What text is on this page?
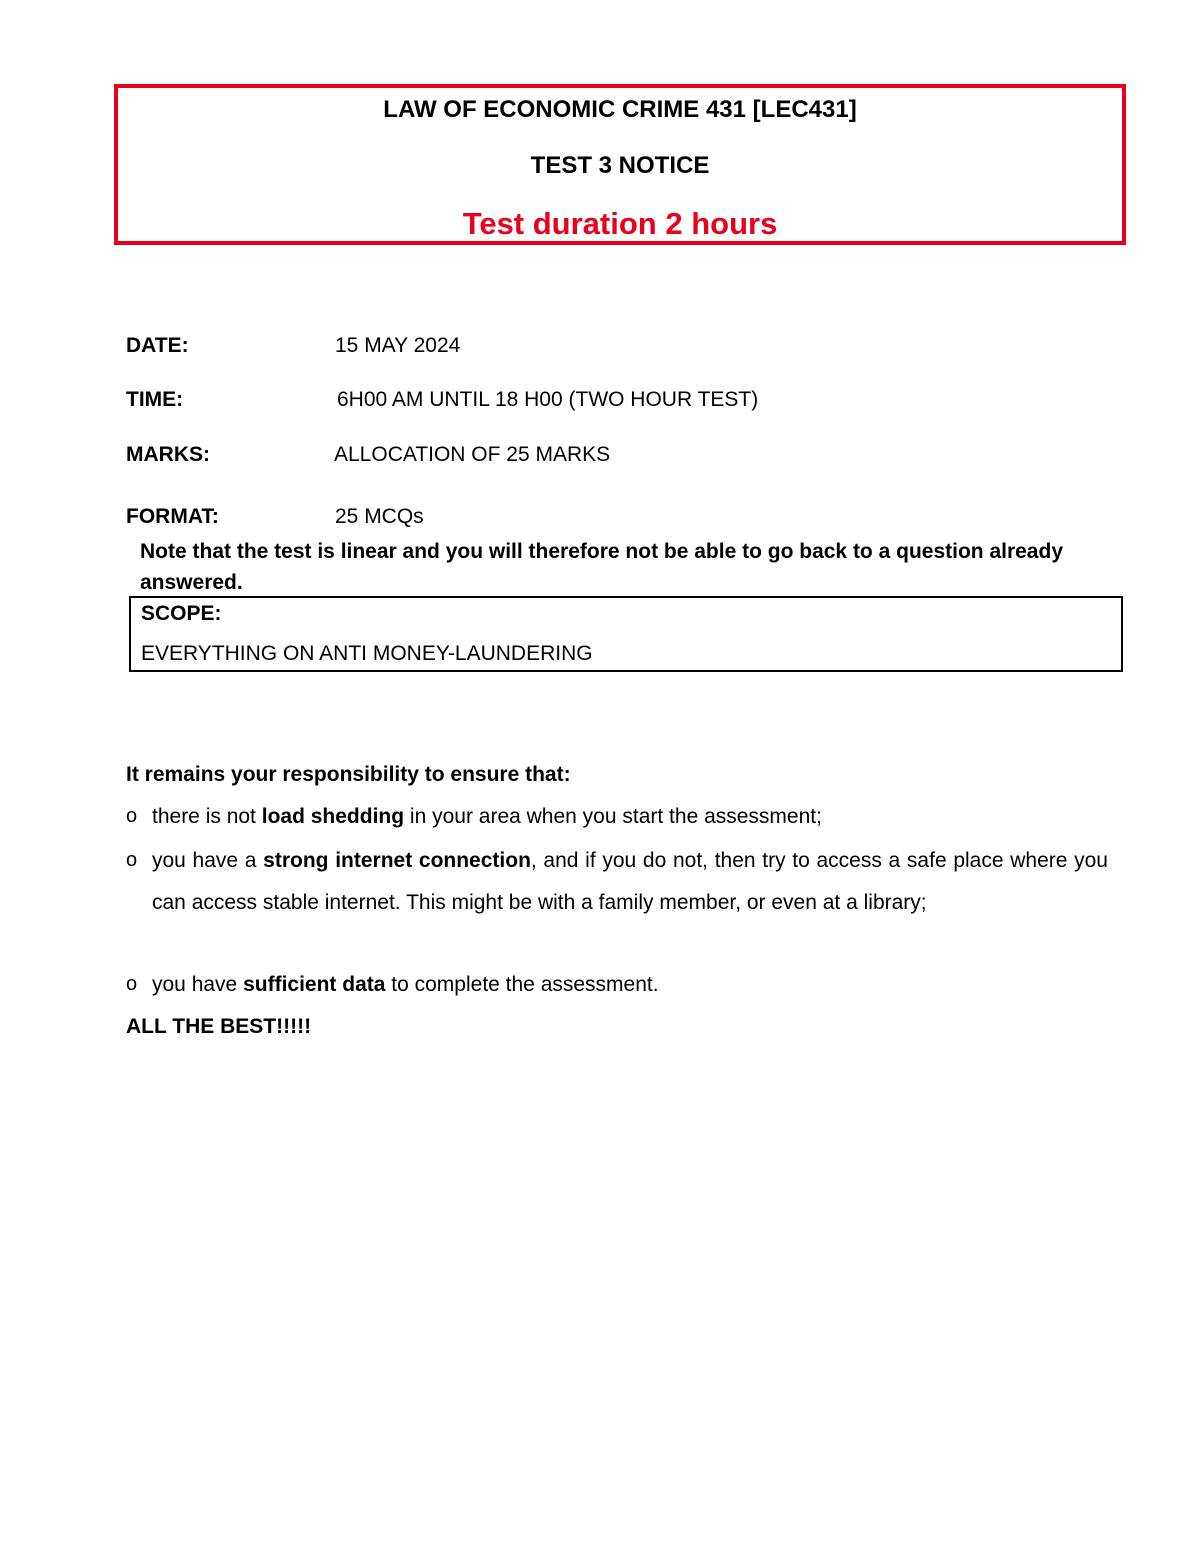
LAW OF ECONOMIC CRIME 431 [LEC431]
TEST 3 NOTICE
Test duration 2 hours
DATE:	15 MAY 2024
TIME:	6H00 AM UNTIL 18 H00 (TWO HOUR TEST)
MARKS:	ALLOCATION OF 25 MARKS
FORMAT:	25 MCQs
Note that the test is linear and you will therefore not be able to go back to a question already answered.
SCOPE:
EVERYTHING ON ANTI MONEY-LAUNDERING
It remains your responsibility to ensure that:
o there is not load shedding in your area when you start the assessment;
o you have a strong internet connection, and if you do not, then try to access a safe place where you can access stable internet. This might be with a family member, or even at a library;
o you have sufficient data to complete the assessment.
ALL THE BEST!!!!!
